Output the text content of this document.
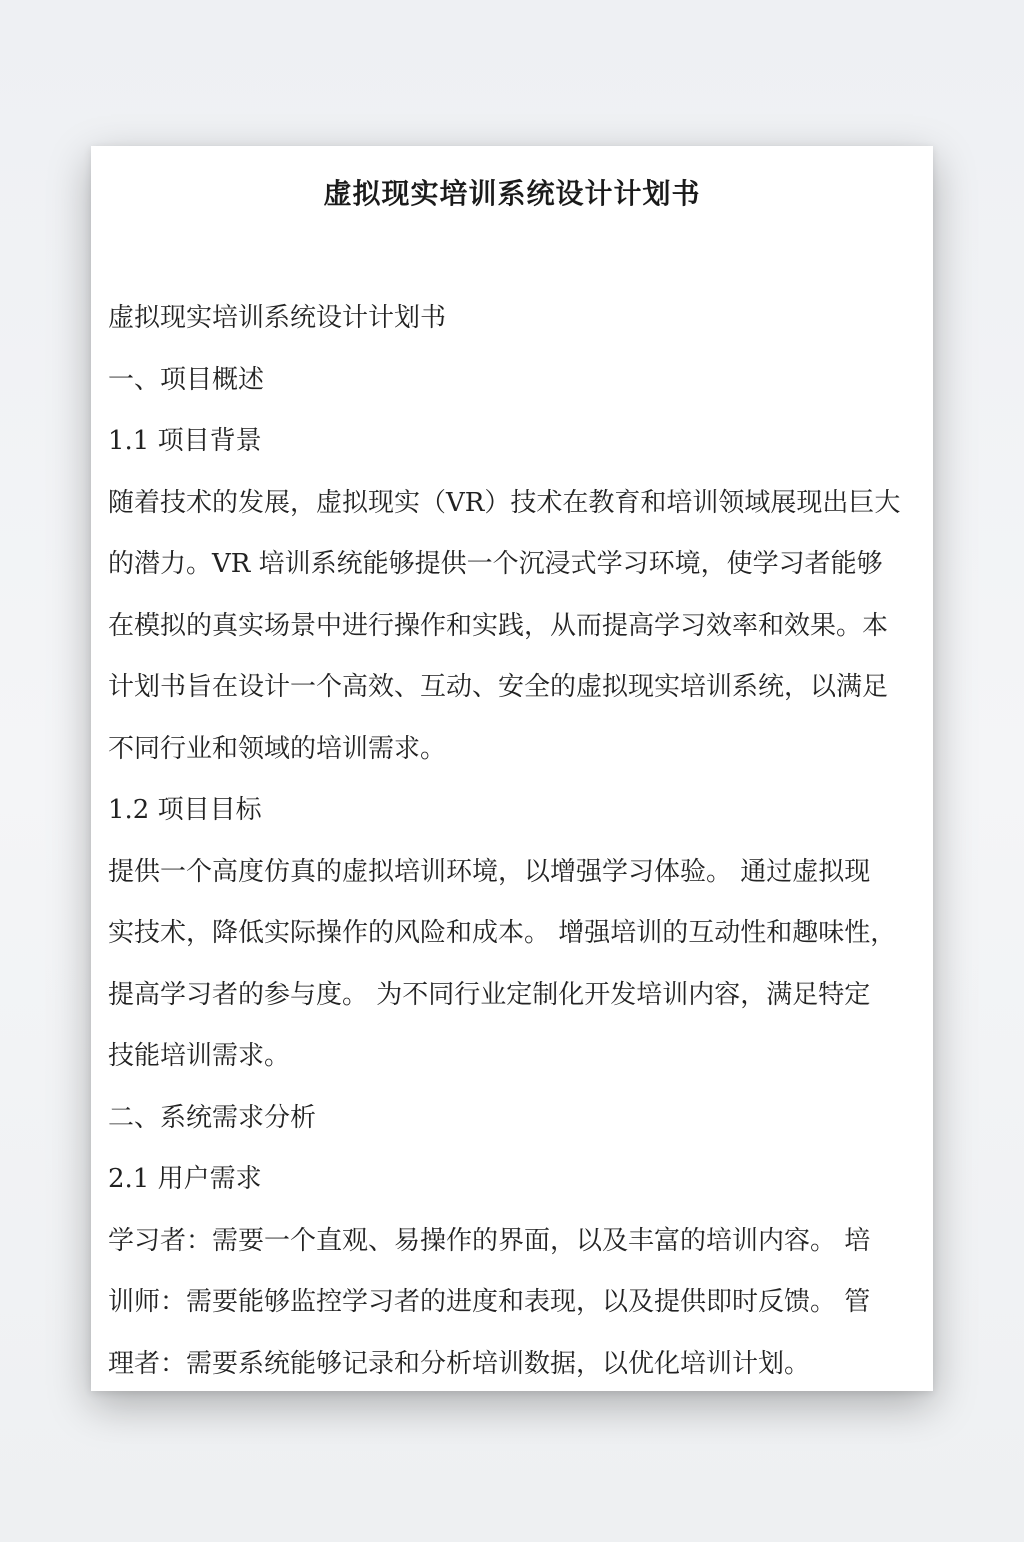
虚拟现实培训系统设计计划书
虚拟现实培训系统设计计划书
一、项目概述
1.1 项目背景
随着技术的发展，虚拟现实（VR）技术在教育和培训领域展现出巨大
的潜力。VR 培训系统能够提供一个沉浸式学习环境，使学习者能够
在模拟的真实场景中进行操作和实践，从而提高学习效率和效果。本
计划书旨在设计一个高效、互动、安全的虚拟现实培训系统，以满足
不同行业和领域的培训需求。
1.2 项目目标
提供一个高度仿真的虚拟培训环境，以增强学习体验。 通过虚拟现
实技术，降低实际操作的风险和成本。 增强培训的互动性和趣味性，
提高学习者的参与度。 为不同行业定制化开发培训内容，满足特定
技能培训需求。
二、系统需求分析
2.1 用户需求
学习者：需要一个直观、易操作的界面，以及丰富的培训内容。 培
训师：需要能够监控学习者的进度和表现，以及提供即时反馈。 管
理者：需要系统能够记录和分析培训数据，以优化培训计划。
